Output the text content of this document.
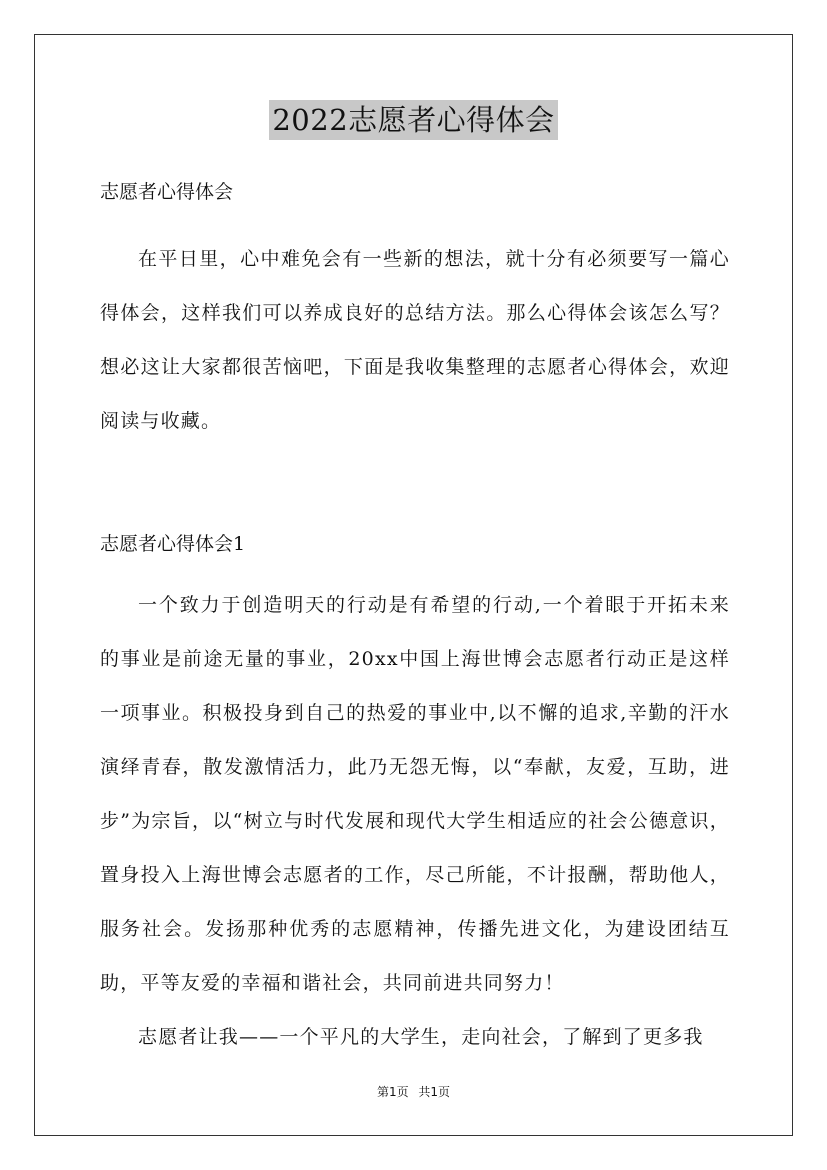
2022志愿者心得体会

志愿者心得体会

在平日里，心中难免会有一些新的想法，就十分有必须要写一篇心得体会，这样我们可以养成良好的总结方法。那么心得体会该怎么写？想必这让大家都很苦恼吧，下面是我收集整理的志愿者心得体会，欢迎阅读与收藏。

志愿者心得体会1

一个致力于创造明天的行动是有希望的行动,一个着眼于开拓未来的事业是前途无量的事业，20xx中国上海世博会志愿者行动正是这样一项事业。积极投身到自己的热爱的事业中,以不懈的追求,辛勤的汗水演绎青春，散发激情活力，此乃无怨无悔，以“奉献，友爱，互助，进步”为宗旨，以“树立与时代发展和现代大学生相适应的社会公德意识，置身投入上海世博会志愿者的工作，尽己所能，不计报酬，帮助他人，服务社会。发扬那种优秀的志愿精神，传播先进文化，为建设团结互助，平等友爱的幸福和谐社会，共同前进共同努力！

志愿者让我——一个平凡的大学生，走向社会，了解到了更多我

第1页 共1页
